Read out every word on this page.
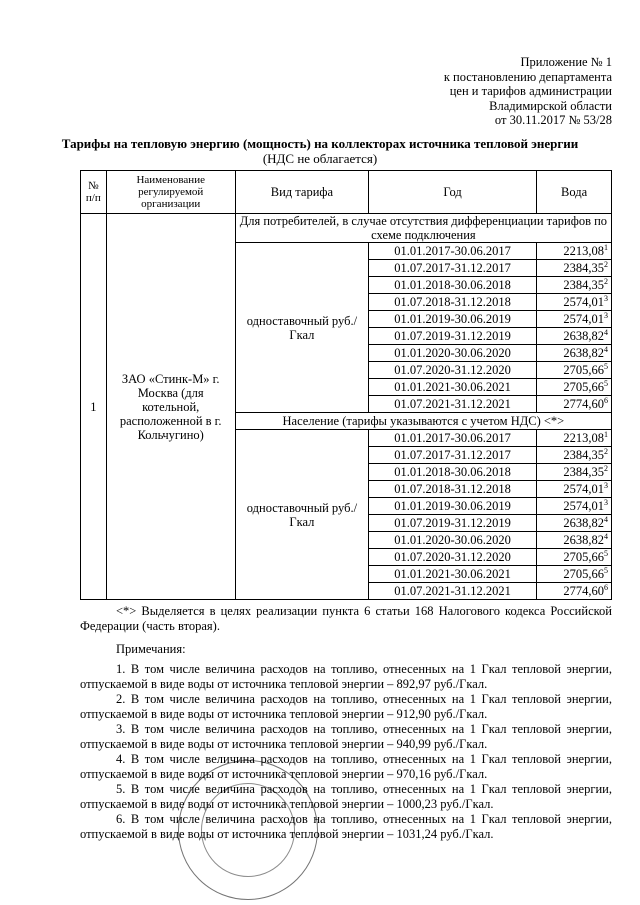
Приложение № 1
к постановлению департамента
цен и тарифов администрации
Владимирской области
от 30.11.2017 № 53/28
Тарифы на тепловую энергию (мощность) на коллекторах источника тепловой энергии
(НДС не облагается)
№ п/п	Наименование регулируемой организации	Вид тарифа	Год	Вода
1	ЗАО «Стинк-М» г. Москва (для котельной, расположенной в г. Кольчугино)	Для потребителей, в случае отсутствия дифференциации тарифов по схеме подключения		
		одноставочный руб./Гкал	01.01.2017-30.06.2017	2213,08$^1$
			01.07.2017-31.12.2017	2384,35$^2$
			01.01.2018-30.06.2018	2384,35$^2$
			01.07.2018-31.12.2018	2574,01$^3$
			01.01.2019-30.06.2019	2574,01$^3$
			01.07.2019-31.12.2019	2638,82$^4$
			01.01.2020-30.06.2020	2638,82$^4$
			01.07.2020-31.12.2020	2705,66$^5$
			01.01.2021-30.06.2021	2705,66$^5$
			01.07.2021-31.12.2021	2774,60$^6$
		Население (тарифы указываются с учетом НДС) <*>		
		одноставочный руб./Гкал	01.01.2017-30.06.2017	2213,08$^1$
			01.07.2017-31.12.2017	2384,35$^2$
			01.01.2018-30.06.2018	2384,35$^2$
			01.07.2018-31.12.2018	2574,01$^3$
			01.01.2019-30.06.2019	2574,01$^3$
			01.07.2019-31.12.2019	2638,82$^4$
			01.01.2020-30.06.2020	2638,82$^4$
			01.07.2020-31.12.2020	2705,66$^5$
			01.01.2021-30.06.2021	2705,66$^5$
			01.07.2021-31.12.2021	$2774,60^6$
<*> Выделяется в целях реализации пункта 6 статьи 168 Налогового кодекса Российской Федерации (часть вторая).
Примечания:
1. В том числе величина расходов на топливо, отнесенных на 1 Гкал тепловой энергии, отпускаемой в виде воды от источника тепловой энергии – 892,97 руб./Гкал.
2. В том числе величина расходов на топливо, отнесенных на 1 Гкал тепловой энергии, отпускаемой в виде воды от источника тепловой энергии – 912,90 руб./Гкал.
3. В том числе величина расходов на топливо, отнесенных на 1 Гкал тепловой энергии, отпускаемой в виде воды от источника тепловой энергии – 940,99 руб./Гкал.
4. В том числе величина расходов на топливо, отнесенных на 1 Гкал тепловой энергии, отпускаемой в виде воды от источника тепловой энергии – 970,16 руб./Гкал.
5. В том числе величина расходов на топливо, отнесенных на 1 Гкал тепловой энергии, отпускаемой в виде воды от источника тепловой энергии – 1000,23 руб./Гкал.
6. В том числе величина расходов на топливо, отнесенных на 1 Гкал тепловой энергии, отпускаемой в виде воды от источника тепловой энергии – 1031,24 руб./Гкал.
